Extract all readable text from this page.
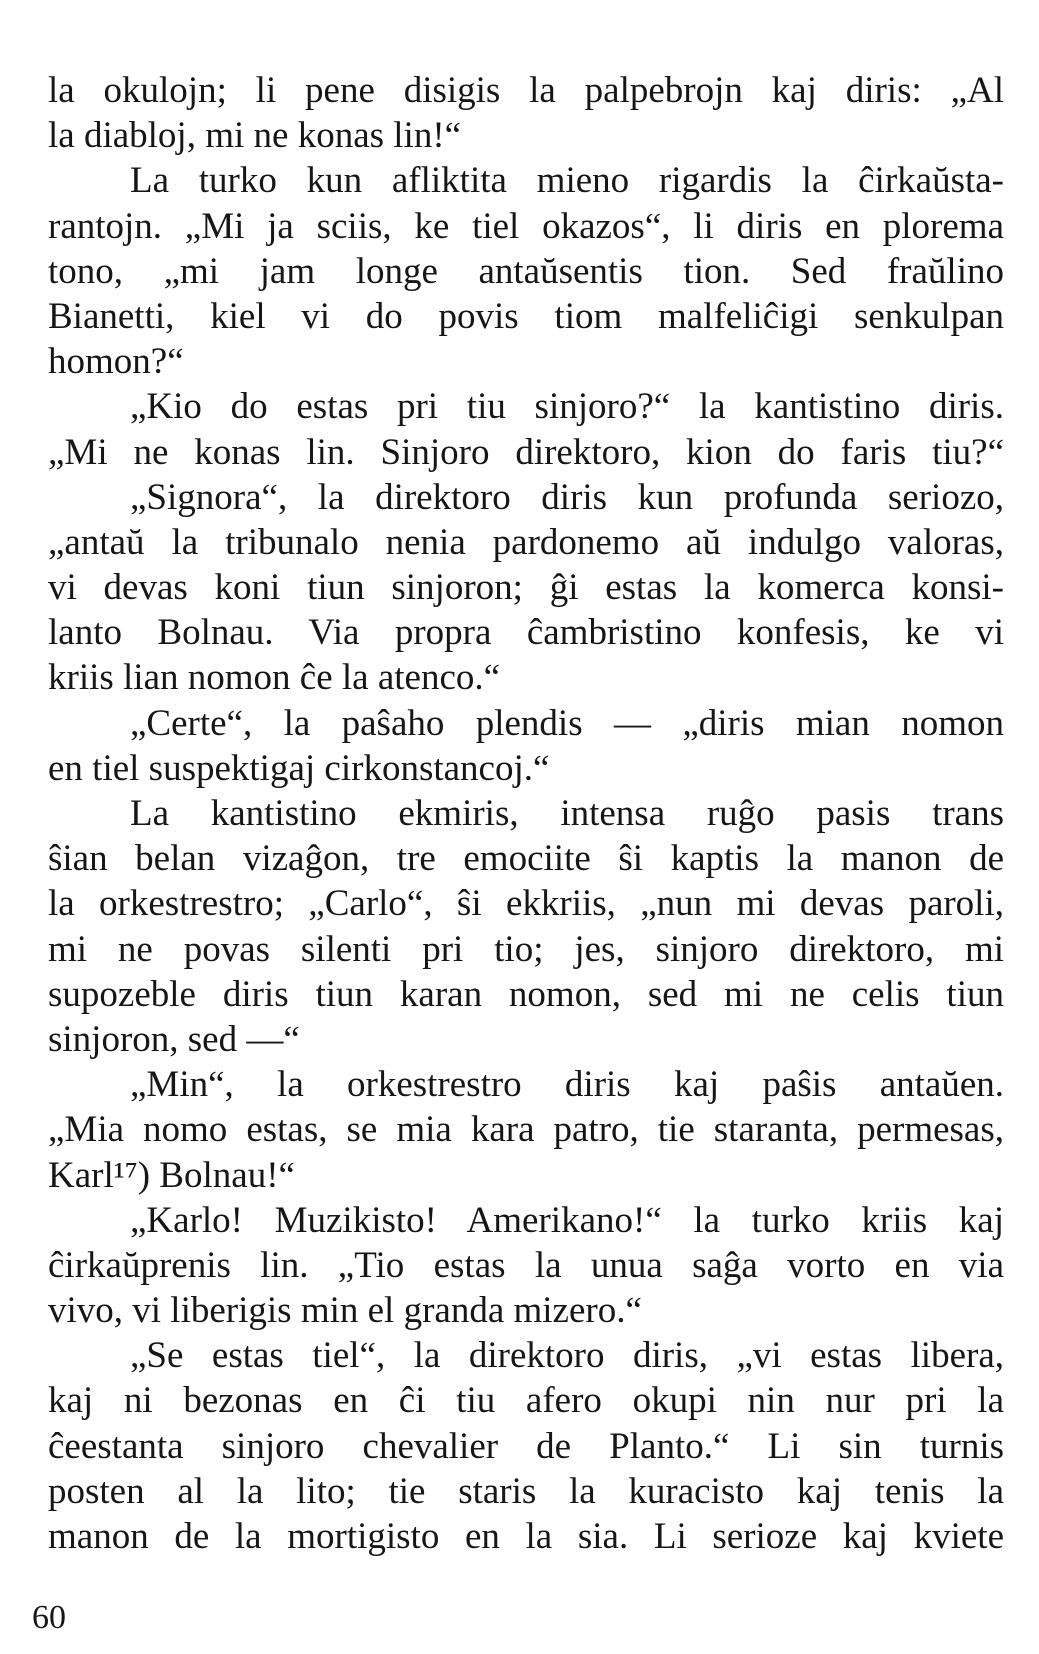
la okulojn; li pene disigis la palpebrojn kaj diris: „Al
la diabloj, mi ne konas lin!“
La turko kun afliktita mieno rigardis la ĉirkaŭsta-
rantojn. „Mi ja sciis, ke tiel okazos“, li diris en plorema
tono, „mi jam longe antaŭsentis tion. Sed fraŭlino
Bianetti, kiel vi do povis tiom malfeliĉigi senkulpan
homon?“
„Kio do estas pri tiu sinjoro?“ la kantistino diris.
„Mi ne konas lin. Sinjoro direktoro, kion do faris tiu?“
„Signora“, la direktoro diris kun profunda seriozo,
„antaŭ la tribunalo nenia pardonemo aŭ indulgo valoras,
vi devas koni tiun sinjoron; ĝi estas la komerca konsi-
lanto Bolnau. Via propra ĉambristino konfesis, ke vi
kriis lian nomon ĉe la atenco.“
„Certe“, la paŝaho plendis — „diris mian nomon
en tiel suspektigaj cirkonstancoj.“
La kantistino ekmiris, intensa ruĝo pasis trans
ŝian belan vizaĝon, tre emociite ŝi kaptis la manon de
la orkestrestro; „Carlo“, ŝi ekkriis, „nun mi devas paroli,
mi ne povas silenti pri tio; jes, sinjoro direktoro, mi
supozeble diris tiun karan nomon, sed mi ne celis tiun
sinjoron, sed —“
„Min“, la orkestrestro diris kaj paŝis antaŭen.
„Mia nomo estas, se mia kara patro, tie staranta, permesas,
Karl¹⁷) Bolnau!“
„Karlo! Muzikisto! Amerikano!“ la turko kriis kaj
ĉirkaŭprenis lin. „Tio estas la unua saĝa vorto en via
vivo, vi liberigis min el granda mizero.“
„Se estas tiel“, la direktoro diris, „vi estas libera,
kaj ni bezonas en ĉi tiu afero okupi nin nur pri la
ĉeestanta sinjoro chevalier de Planto.“ Li sin turnis
posten al la lito; tie staris la kuracisto kaj tenis la
manon de la mortigisto en la sia. Li serioze kaj kviete
60
